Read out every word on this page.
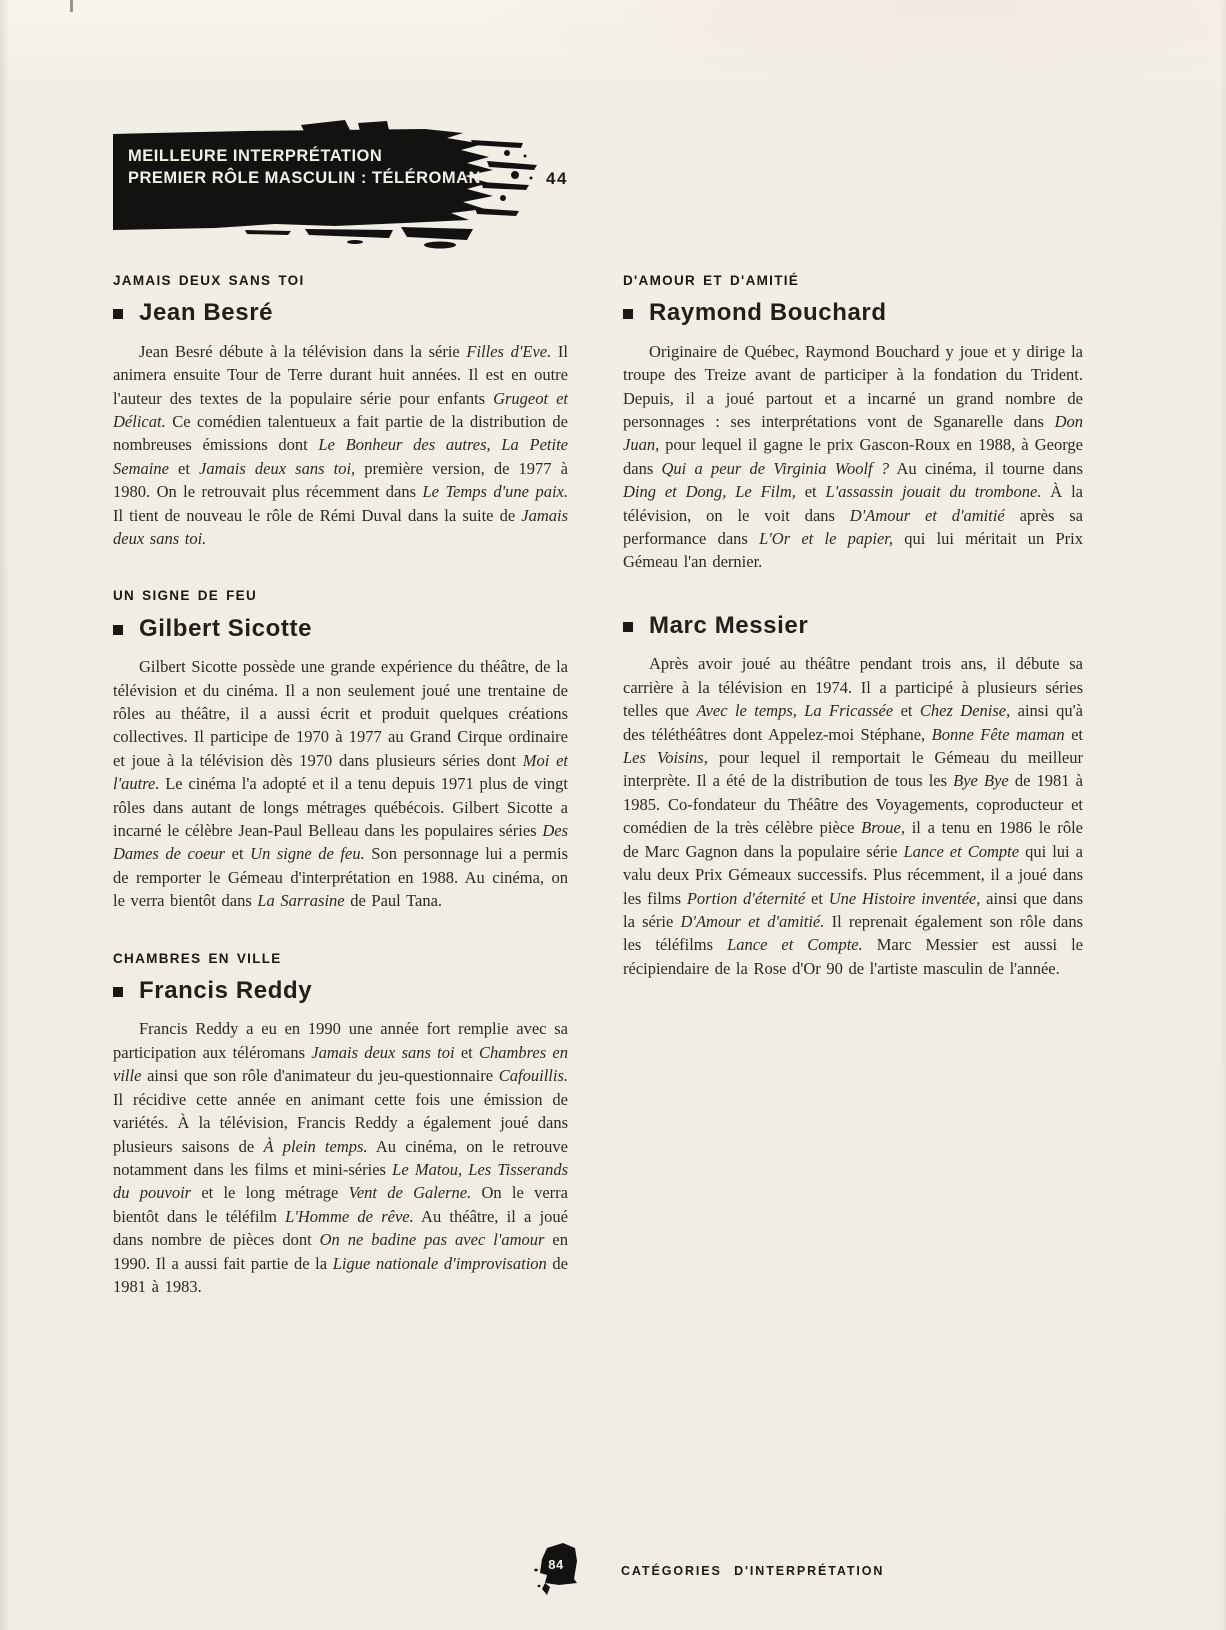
MEILLEURE INTERPRÉTATION
PREMIER RÔLE MASCULIN : TÉLÉROMAN	44
JAMAIS DEUX SANS TOI
Jean Besré

Jean Besré débute à la télévision dans la série Filles d'Eve. Il animera ensuite Tour de Terre durant huit années. Il est en outre l'auteur des textes de la populaire série pour enfants Grugeot et Délicat. Ce comédien talentueux a fait partie de la distribution de nombreuses émissions dont Le Bonheur des autres, La Petite Semaine et Jamais deux sans toi, première version, de 1977 à 1980. On le retrouvait plus récemment dans Le Temps d'une paix. Il tient de nouveau le rôle de Rémi Duval dans la suite de Jamais deux sans toi.

UN SIGNE DE FEU
Gilbert Sicotte

Gilbert Sicotte possède une grande expérience du théâtre, de la télévision et du cinéma. Il a non seulement joué une trentaine de rôles au théâtre, il a aussi écrit et produit quelques créations collectives. Il participe de 1970 à 1977 au Grand Cirque ordinaire et joue à la télévision dès 1970 dans plusieurs séries dont Moi et l'autre. Le cinéma l'a adopté et il a tenu depuis 1971 plus de vingt rôles dans autant de longs métrages québécois. Gilbert Sicotte a incarné le célèbre Jean-Paul Belleau dans les populaires séries Des Dames de coeur et Un signe de feu. Son personnage lui a permis de remporter le Gémeau d'interprétation en 1988. Au cinéma, on le verra bientôt dans La Sarrasine de Paul Tana.

CHAMBRES EN VILLE
Francis Reddy

Francis Reddy a eu en 1990 une année fort remplie avec sa participation aux téléromans Jamais deux sans toi et Chambres en ville ainsi que son rôle d'animateur du jeu-questionnaire Cafouillis. Il récidive cette année en animant cette fois une émission de variétés. À la télévision, Francis Reddy a également joué dans plusieurs saisons de À plein temps. Au cinéma, on le retrouve notamment dans les films et mini-séries Le Matou, Les Tisserands du pouvoir et le long métrage Vent de Galerne. On le verra bientôt dans le téléfilm L'Homme de rêve. Au théâtre, il a joué dans nombre de pièces dont On ne badine pas avec l'amour en 1990. Il a aussi fait partie de la Ligue nationale d'improvisation de 1981 à 1983.

D'AMOUR ET D'AMITIÉ
Raymond Bouchard

Originaire de Québec, Raymond Bouchard y joue et y dirige la troupe des Treize avant de participer à la fondation du Trident. Depuis, il a joué partout et a incarné un grand nombre de personnages : ses interprétations vont de Sganarelle dans Don Juan, pour lequel il gagne le prix Gascon-Roux en 1988, à George dans Qui a peur de Virginia Woolf ? Au cinéma, il tourne dans Ding et Dong, Le Film, et L'assassin jouait du trombone. À la télévision, on le voit dans D'Amour et d'amitié après sa performance dans L'Or et le papier, qui lui méritait un Prix Gémeau l'an dernier.

Marc Messier

Après avoir joué au théâtre pendant trois ans, il débute sa carrière à la télévision en 1974. Il a participé à plusieurs séries telles que Avec le temps, La Fricassée et Chez Denise, ainsi qu'à des téléthéâtres dont Appelez-moi Stéphane, Bonne Fête maman et Les Voisins, pour lequel il remportait le Gémeau du meilleur interprète. Il a été de la distribution de tous les Bye Bye de 1981 à 1985. Co-fondateur du Théâtre des Voyagements, coproducteur et comédien de la très célèbre pièce Broue, il a tenu en 1986 le rôle de Marc Gagnon dans la populaire série Lance et Compte qui lui a valu deux Prix Gémeaux successifs. Plus récemment, il a joué dans les films Portion d'éternité et Une Histoire inventée, ainsi que dans la série D'Amour et d'amitié. Il reprenait également son rôle dans les téléfilms Lance et Compte. Marc Messier est aussi le récipiendaire de la Rose d'Or 90 de l'artiste masculin de l'année.

84	CATÉGORIES D'INTERPRÉTATION
